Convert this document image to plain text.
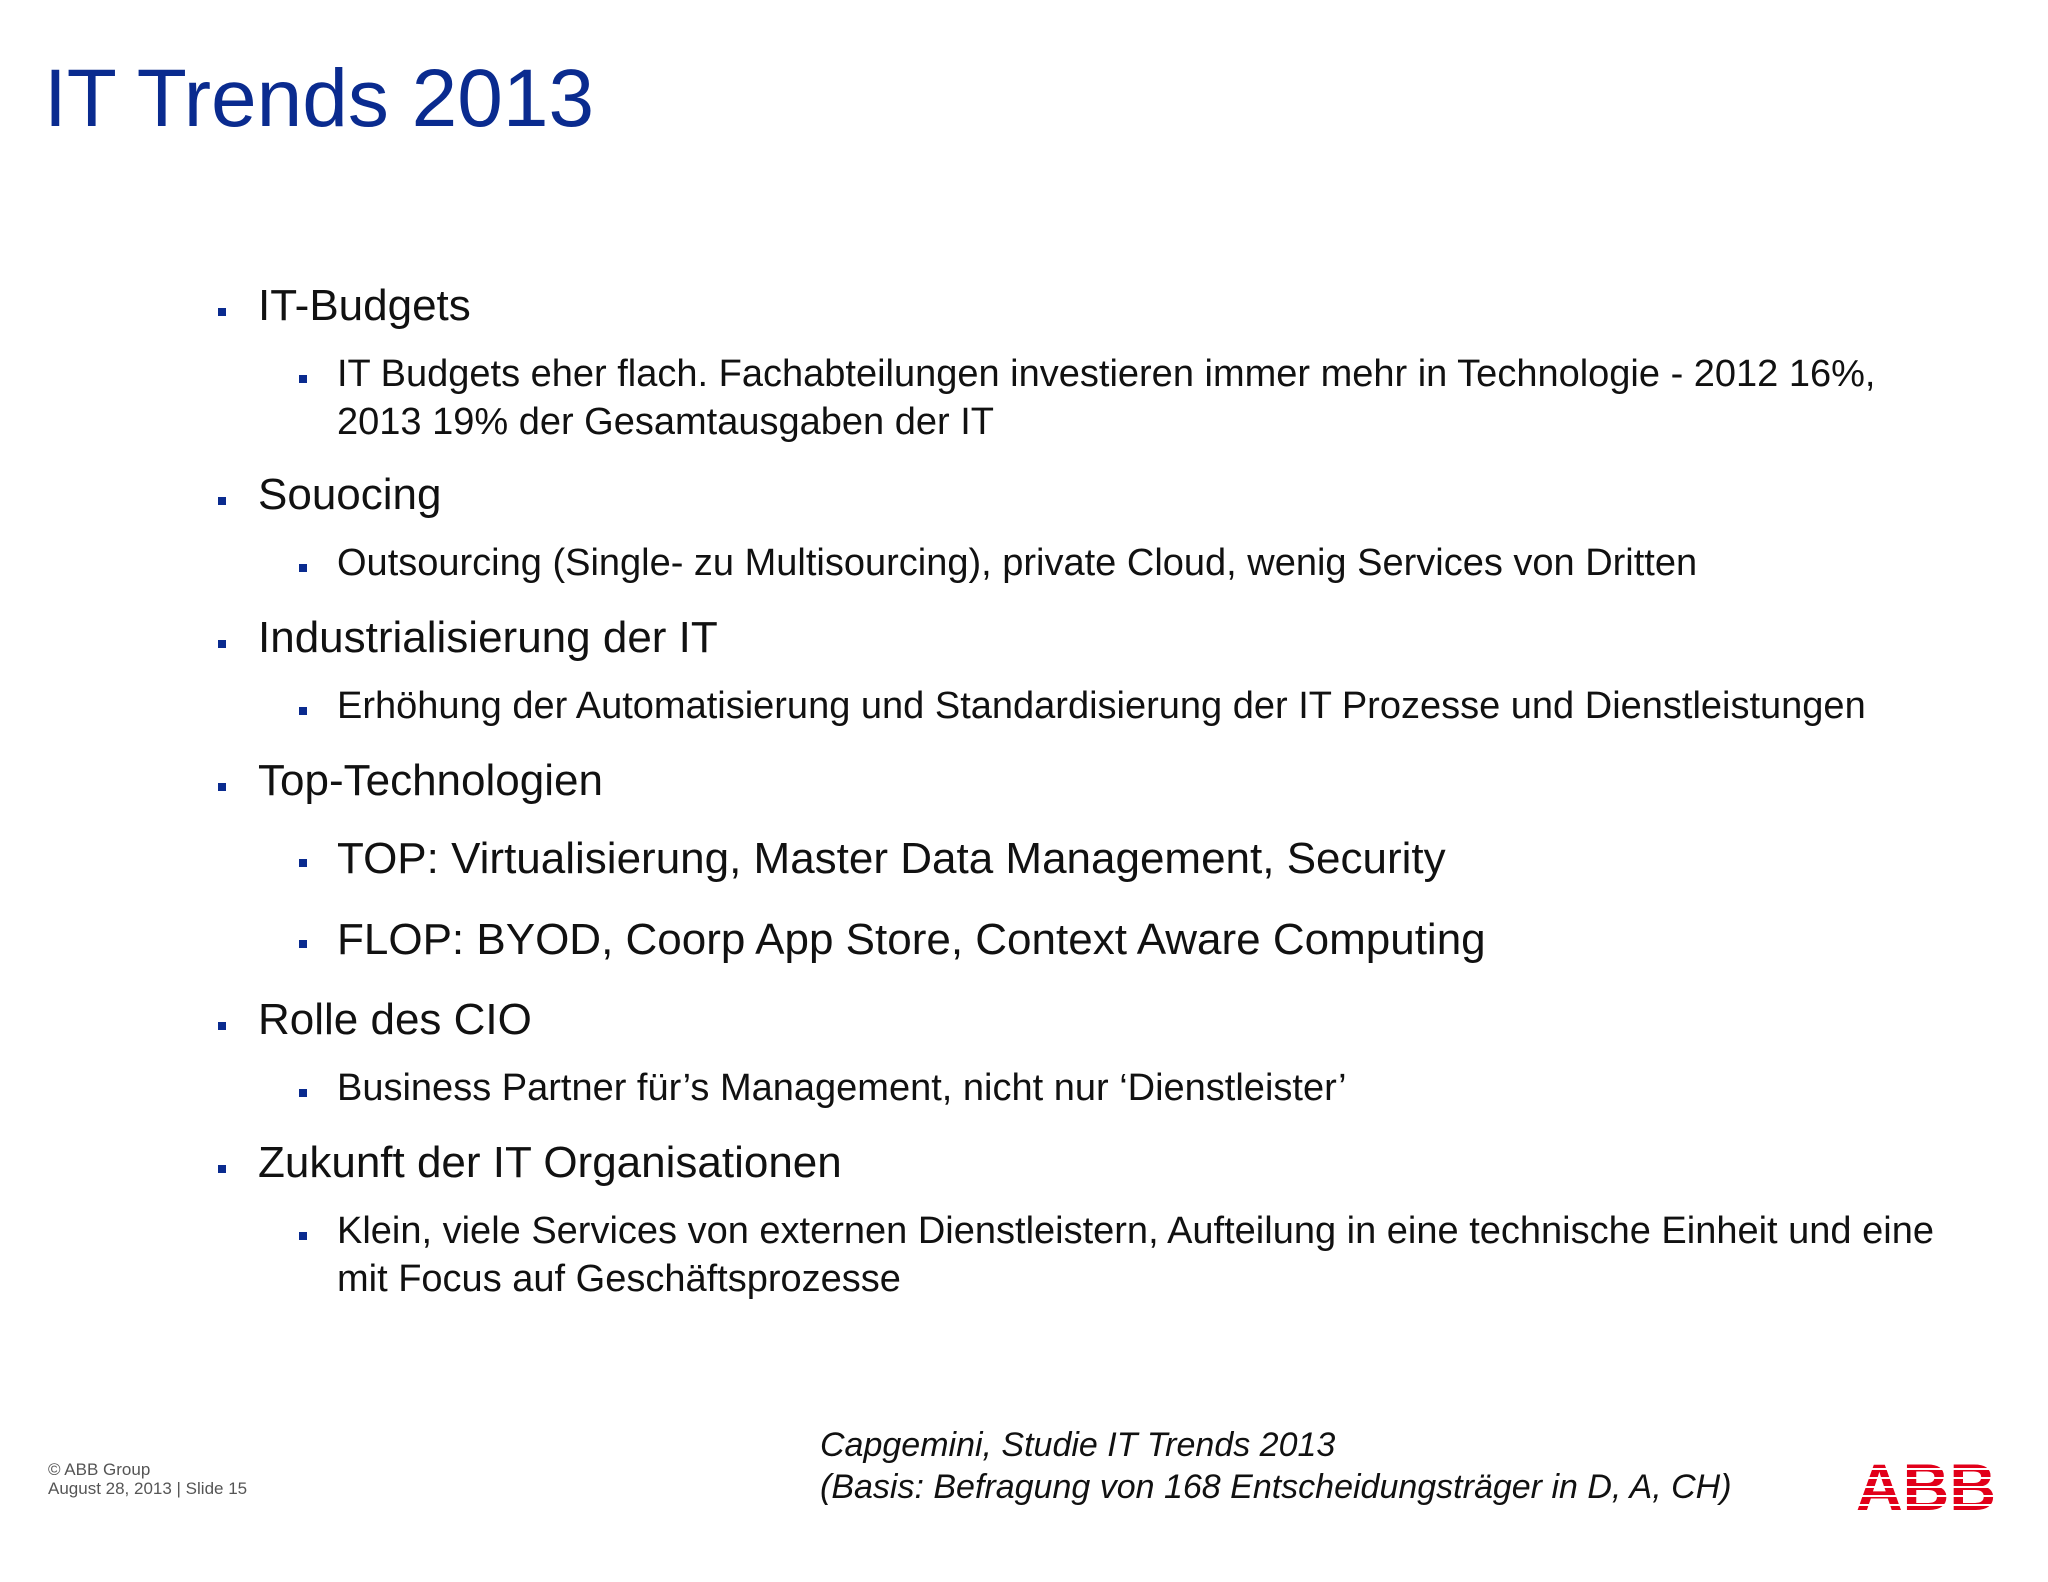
IT Trends 2013
IT-Budgets
IT Budgets eher flach. Fachabteilungen investieren immer mehr in Technologie - 2012 16%, 2013 19% der Gesamtausgaben der IT
Souocing
Outsourcing (Single- zu Multisourcing), private Cloud, wenig Services von Dritten
Industrialisierung der IT
Erhöhung der Automatisierung und Standardisierung der IT Prozesse und Dienstleistungen
Top-Technologien
TOP: Virtualisierung, Master Data Management, Security
FLOP: BYOD, Coorp App Store, Context Aware Computing
Rolle des CIO
Business Partner für’s Management, nicht nur ‘Dienstleister’
Zukunft der IT Organisationen
Klein, viele Services von externen Dienstleistern, Aufteilung in eine technische Einheit und eine mit Focus auf Geschäftsprozesse
© ABB Group
August 28, 2013 | Slide 15
Capgemini, Studie IT Trends 2013
(Basis: Befragung von 168 Entscheidungsträger in D, A, CH) ABB
